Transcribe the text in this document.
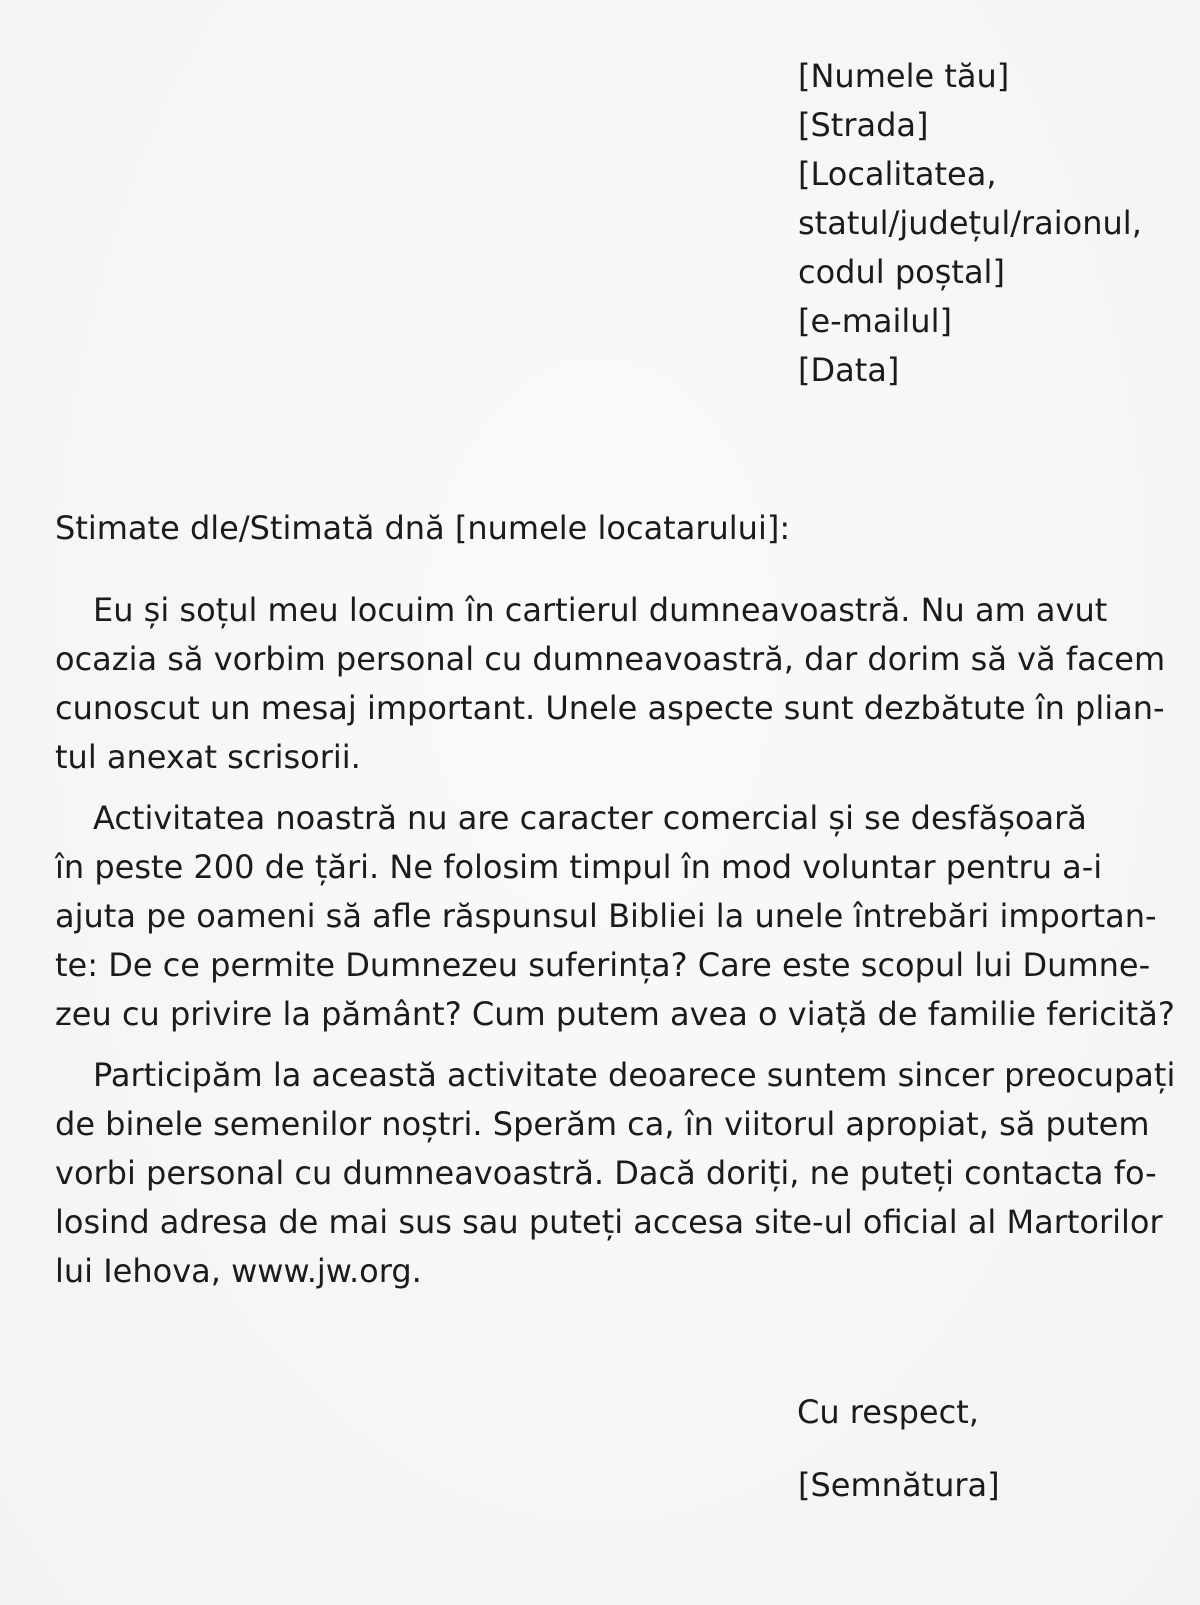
[Numele tău]
[Strada]
[Localitatea,
statul/județul/raionul,
codul poștal]
[e-mailul]
[Data]
Stimate dle/Stimată dnă [numele locatarului]:
Eu și soțul meu locuim în cartierul dumneavoastră. Nu am avut
ocazia să vorbim personal cu dumneavoastră, dar dorim să vă facem
cunoscut un mesaj important. Unele aspecte sunt dezbătute în plian-
tul anexat scrisorii.
Activitatea noastră nu are caracter comercial și se desfășoară
în peste 200 de țări. Ne folosim timpul în mod voluntar pentru a-i
ajuta pe oameni să afle răspunsul Bibliei la unele întrebări importan-
te: De ce permite Dumnezeu suferința? Care este scopul lui Dumne-
zeu cu privire la pământ? Cum putem avea o viață de familie fericită?
Participăm la această activitate deoarece suntem sincer preocupați
de binele semenilor noștri. Sperăm ca, în viitorul apropiat, să putem
vorbi personal cu dumneavoastră. Dacă doriți, ne puteți contacta fo-
losind adresa de mai sus sau puteți accesa site-ul oficial al Martorilor
lui Iehova, www.jw.org.
Cu respect,
[Semnătura]
